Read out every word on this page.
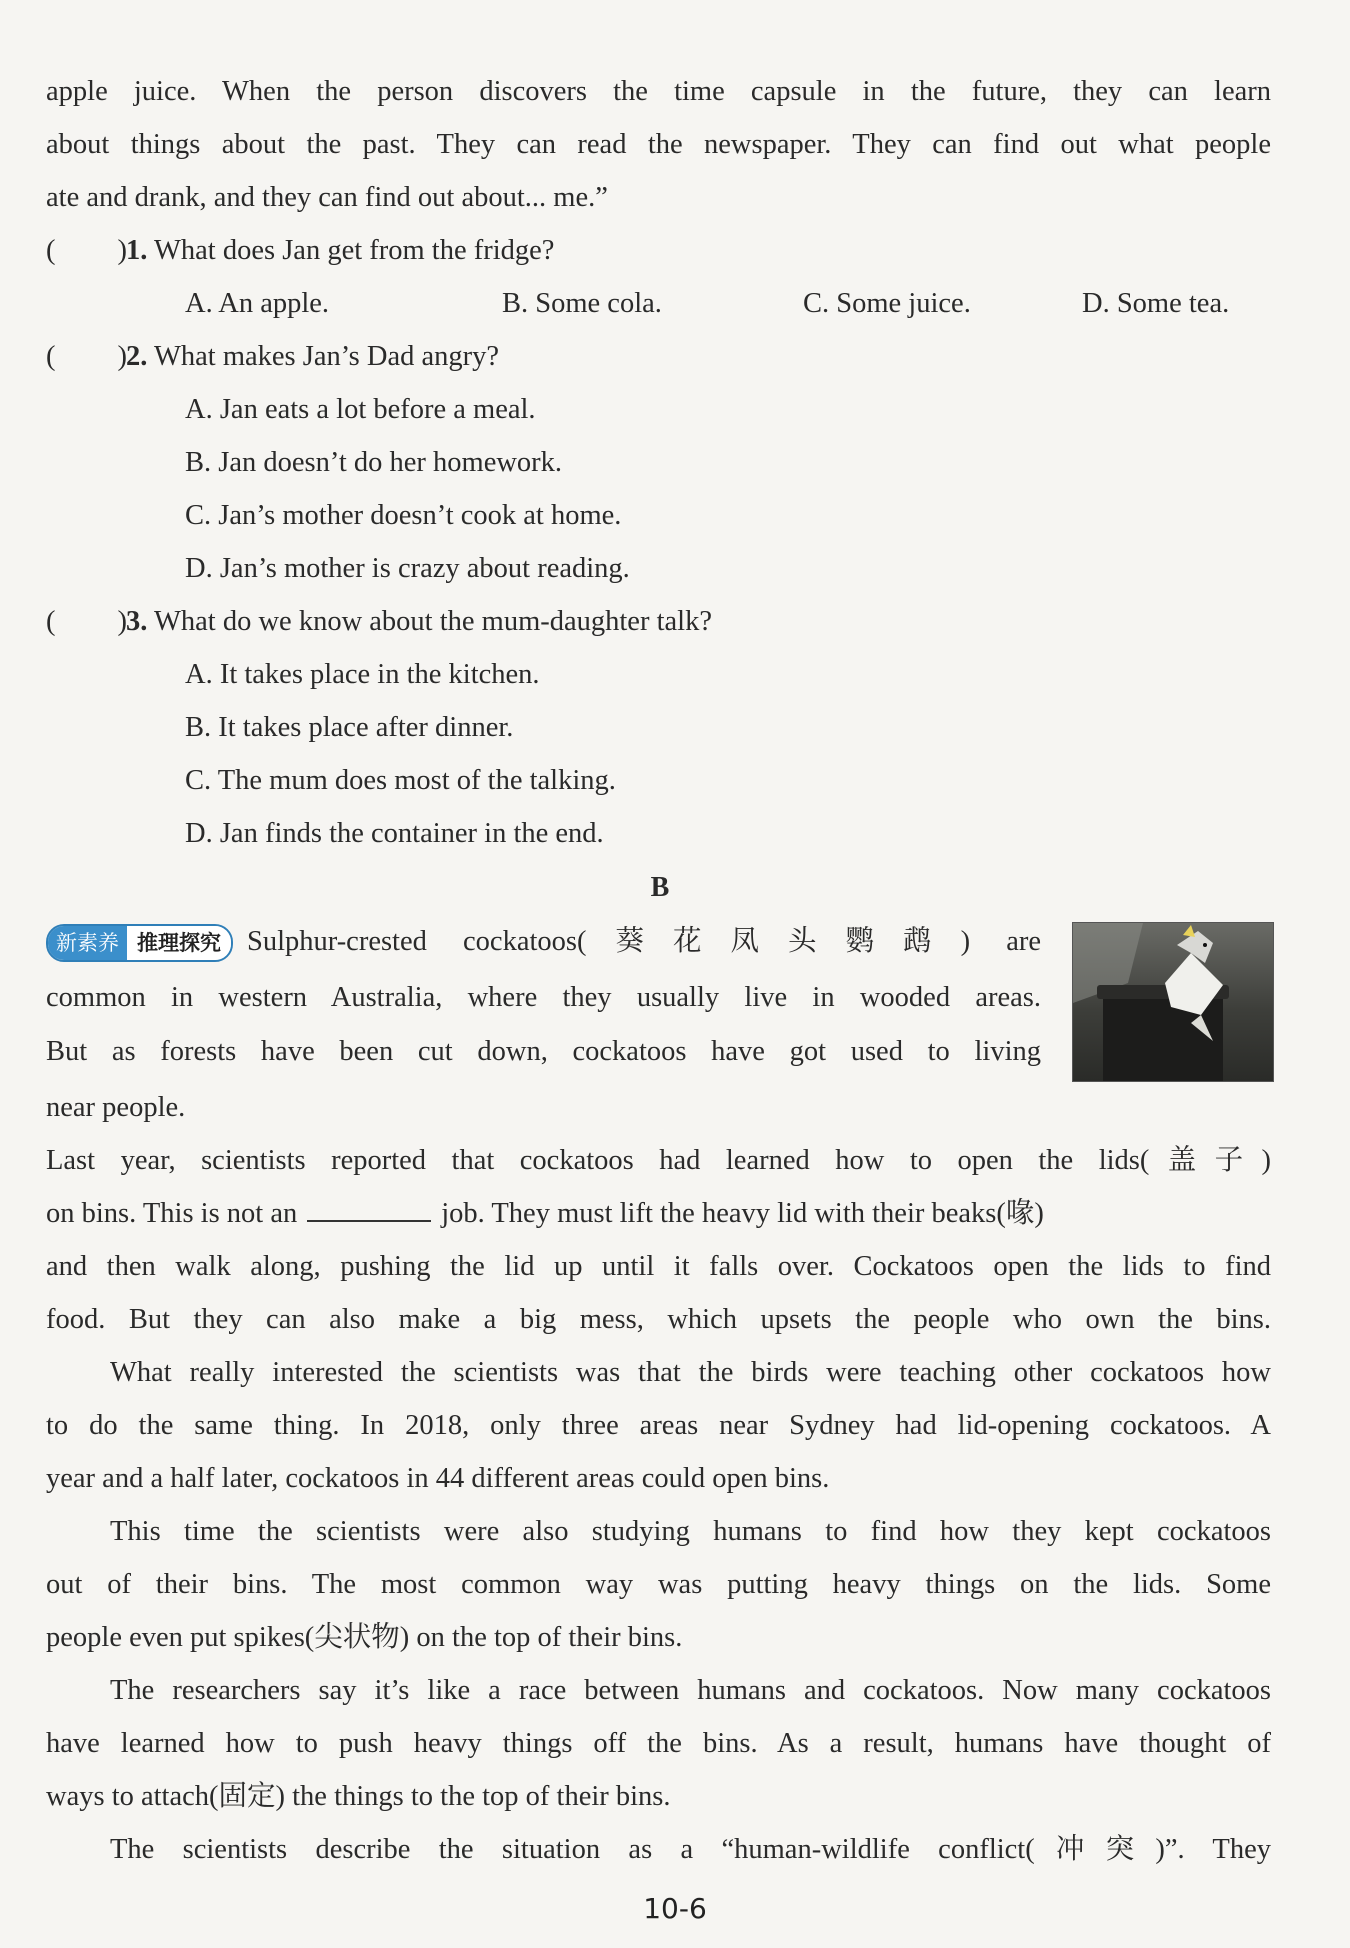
apple juice. When the person discovers the time capsule in the future, they can learn
about things about the past. They can read the newspaper. They can find out what people
ate and drank, and they can find out about... me.”
( )1. What does Jan get from the fridge?
A. An apple.	B. Some cola.	C. Some juice.	D. Some tea.
( )2. What makes Jan’s Dad angry?
A. Jan eats a lot before a meal.
B. Jan doesn’t do her homework.
C. Jan’s mother doesn’t cook at home.
D. Jan’s mother is crazy about reading.
( )3. What do we know about the mum-daughter talk?
A. It takes place in the kitchen.
B. It takes place after dinner.
C. The mum does most of the talking.
D. Jan finds the container in the end.
B
新素养 推理探究 Sulphur-crested cockatoos(葵花凤头鹦鹉) are
common in western Australia, where they usually live in wooded areas.
But as forests have been cut down, cockatoos have got used to living
near people.
Last year, scientists reported that cockatoos had learned how to open the lids(盖子)
on bins. This is not an	job. They must lift the heavy lid with their beaks(喙)
and then walk along, pushing the lid up until it falls over. Cockatoos open the lids to find
food. But they can also make a big mess, which upsets the people who own the bins.
What really interested the scientists was that the birds were teaching other cockatoos how
to do the same thing. In 2018, only three areas near Sydney had lid-opening cockatoos. A
year and a half later, cockatoos in 44 different areas could open bins.
This time the scientists were also studying humans to find how they kept cockatoos
out of their bins. The most common way was putting heavy things on the lids. Some
people even put spikes(尖状物) on the top of their bins.
The researchers say it’s like a race between humans and cockatoos. Now many cockatoos
have learned how to push heavy things off the bins. As a result, humans have thought of
ways to attach(固定) the things to the top of their bins.
The scientists describe the situation as a “human-wildlife conflict(冲突)”. They
10-6
